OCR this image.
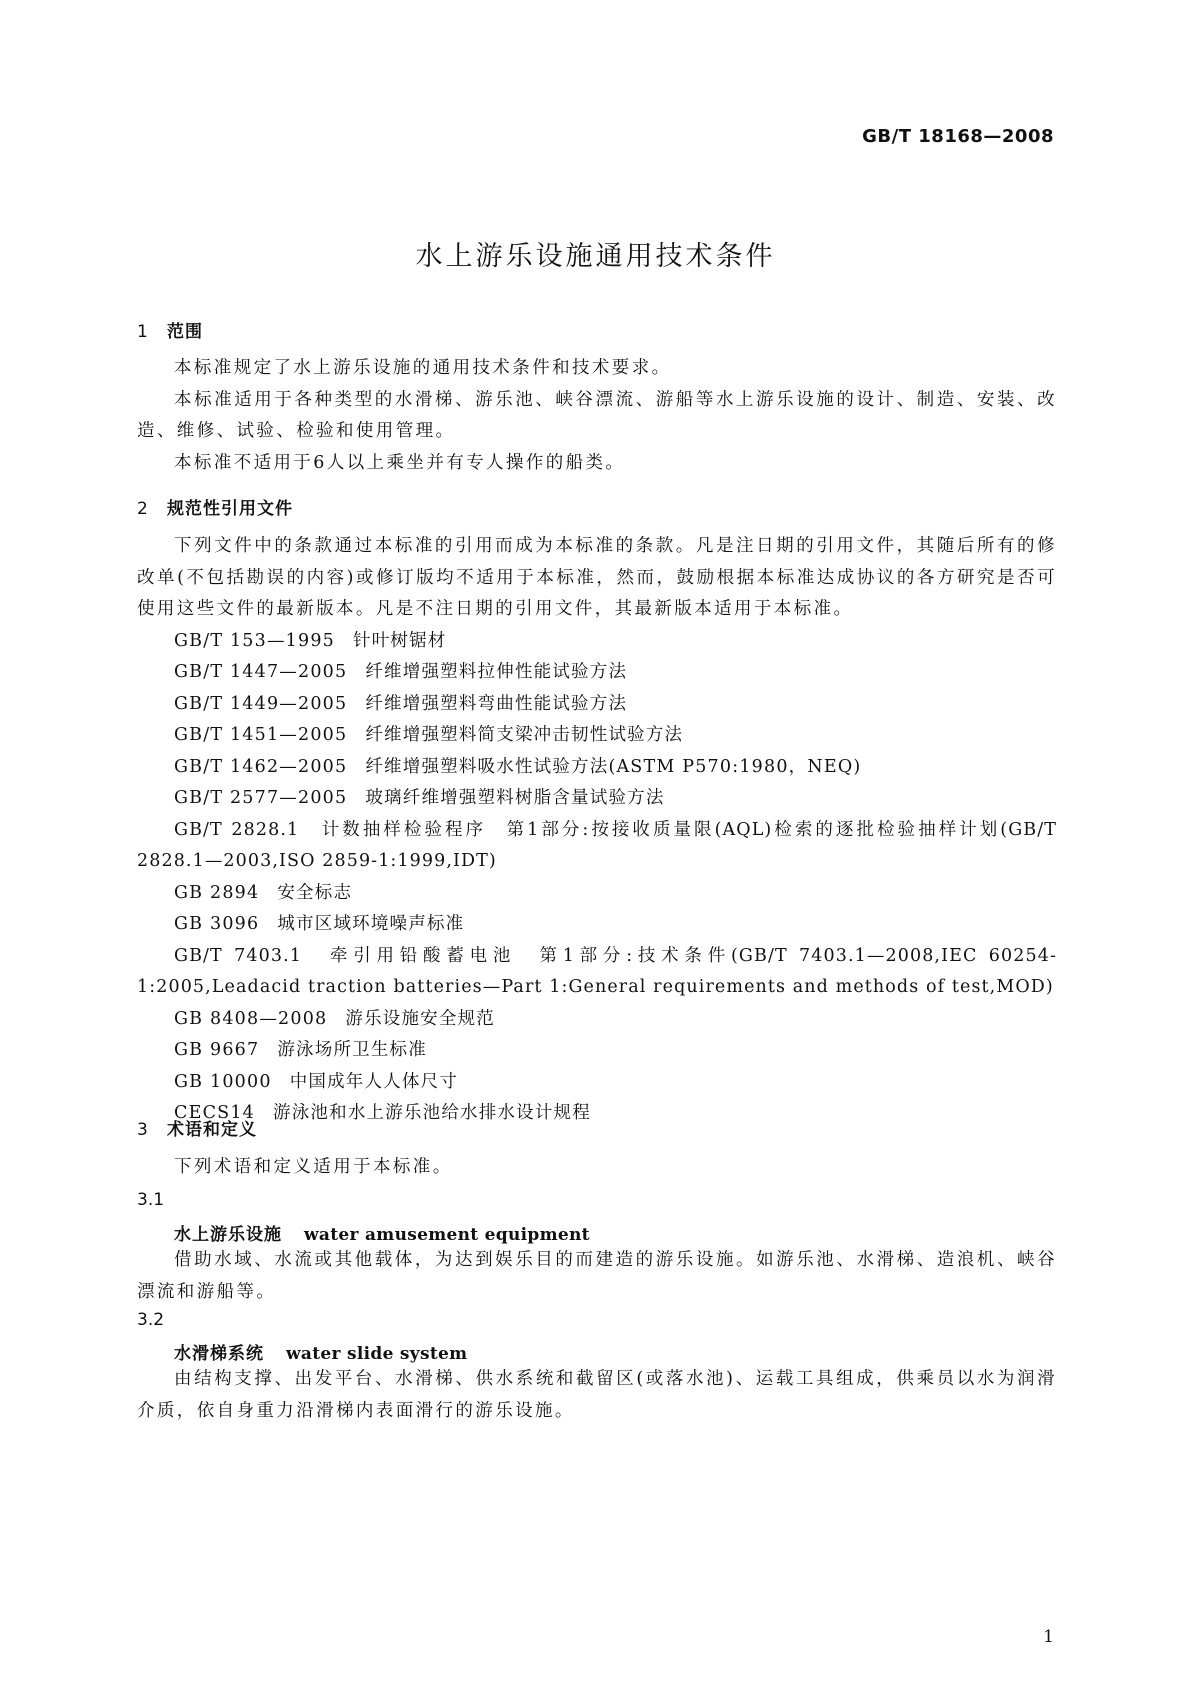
GB/T 18168—2008
水上游乐设施通用技术条件
1 范围

本标准规定了水上游乐设施的通用技术条件和技术要求。

本标准适用于各种类型的水滑梯、游乐池、峡谷漂流、游船等水上游乐设施的设计、制造、安装、改造、维修、试验、检验和使用管理。

本标准不适用于6人以上乘坐并有专人操作的船类。

2 规范性引用文件

下列文件中的条款通过本标准的引用而成为本标准的条款。凡是注日期的引用文件，其随后所有的修改单(不包括勘误的内容)或修订版均不适用于本标准，然而，鼓励根据本标准达成协议的各方研究是否可使用这些文件的最新版本。凡是不注日期的引用文件，其最新版本适用于本标准。

GB/T 153—1995 针叶树锯材

GB/T 1447—2005 纤维增强塑料拉伸性能试验方法

GB/T 1449—2005 纤维增强塑料弯曲性能试验方法

GB/T 1451—2005 纤维增强塑料简支梁冲击韧性试验方法

GB/T 1462—2005 纤维增强塑料吸水性试验方法(ASTM P570:1980，NEQ)

GB/T 2577—2005 玻璃纤维增强塑料树脂含量试验方法

GB/T 2828.1　计数抽样检验程序　第1部分:按接收质量限(AQL)检索的逐批检验抽样计划(GB/T 2828.1—2003,ISO 2859-1:1999,IDT)

GB 2894 安全标志

GB 3096 城市区域环境噪声标准

GB/T 7403.1　牵引用铅酸蓄电池　第1部分:技术条件(GB/T 7403.1—2008,IEC 60254-1:2005,Leadacid traction batteries—Part 1:General requirements and methods of test,MOD)

GB 8408—2008 游乐设施安全规范

GB 9667 游泳场所卫生标准

GB 10000 中国成年人人体尺寸

CECS14 游泳池和水上游乐池给水排水设计规程

3 术语和定义

下列术语和定义适用于本标准。

3.1
水上游乐设施 water amusement equipment

借助水域、水流或其他载体，为达到娱乐目的而建造的游乐设施。如游乐池、水滑梯、造浪机、峡谷漂流和游船等。

3.2
水滑梯系统 water slide system

由结构支撑、出发平台、水滑梯、供水系统和截留区(或落水池)、运载工具组成，供乘员以水为润滑介质，依自身重力沿滑梯内表面滑行的游乐设施。

1
